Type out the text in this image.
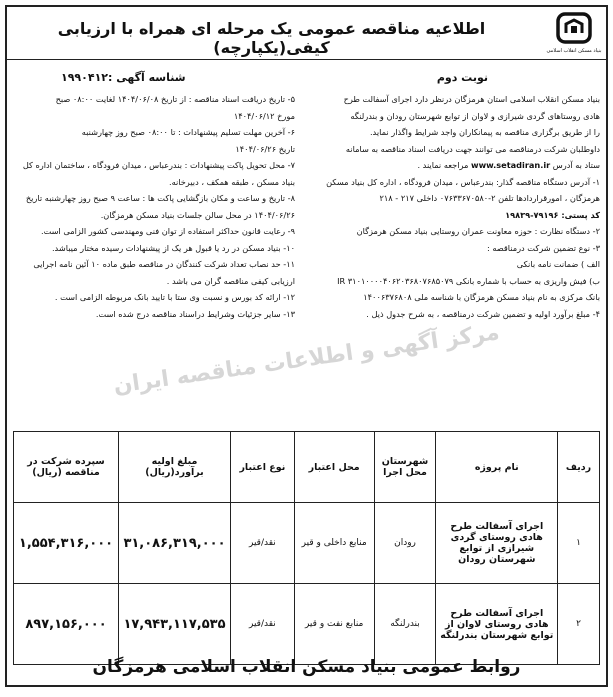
بنیاد مسکن انقلاب اسلامی
اطلاعیه مناقصه عمومی یک مرحله ای همراه با ارزیابی کیفی(یکپارچه)
نوبت دوم
شناسه آگهی :۱۹۹۰۴۱۲
بنیاد مسکن انقلاب اسلامی استان هرمزگان درنظر دارد اجرای آسفالت طرح
هادی روستاهای گردی شیرازی و لاوان از توابع شهرستان رودان و بندرلنگه
را از طریق برگزاری مناقصه به پیمانکاران واجد شرایط واگذار نماید.
داوطلبان شرکت درمناقصه می توانند جهت دریافت اسناد مناقصه به سامانه
ستاد به آدرس www.setadiran.ir مراجعه نمایند .
۱- آدرس دستگاه مناقصه گذار: بندرعباس ، میدان فرودگاه ، اداره کل بنیاد مسکن
هرمزگان ، امورقراردادها تلفن ۲-۰۷۶۳۳۶۷۰۵۸۰ داخلی ۲۱۷ - ۲۱۸
کد پستی: ۷۹۱۹۶-۱۹۸۳۹
۲- دستگاه نظارت : حوزه معاونت عمران روستایی بنیاد مسکن هرمزگان
۳- نوع تضمین شرکت درمناقصه :
الف ) ضمانت نامه بانکی
ب) فیش واریزی به حساب با شماره بانکی IR ۳۱۰۱۰۰۰۰۴۰۶۲۰۳۶۸۰۷۶۸۵۰۷۹
بانک مرکزی به نام بنیاد مسکن هرمزگان با شناسه ملی ۱۴۰۰۶۳۷۶۸۰۸
۴- مبلغ برآورد اولیه و تضمین شرکت درمناقصه ، به شرح جدول ذیل .
۵- تاریخ دریافت اسناد مناقصه : از تاریخ ۱۴۰۴/۰۶/۰۸ لغایت ۰۸:۰۰ صبح
مورخ ۱۴۰۴/۰۶/۱۲
۶- آخرین مهلت تسلیم پیشنهادات : تا ۰۸:۰۰ صبح روز چهارشنبه
تاریخ ۱۴۰۴/۰۶/۲۶
۷- محل تحویل پاکت پیشنهادات : بندرعباس ، میدان فرودگاه ، ساختمان اداره کل
بنیاد مسکن ، طبقه همکف ، دبیرخانه.
۸- تاریخ و ساعت و مکان بازگشایی پاکت ها : ساعت ۹ صبح روز چهارشنبه تاریخ
۱۴۰۴/۰۶/۲۶ در محل سالن جلسات بنیاد مسکن هرمزگان.
۹- رعایت قانون حداکثر استفاده از توان فنی ومهندسی کشور الزامی است.
۱۰- بنیاد مسکن در رد یا قبول هر یک از پیشنهادات رسیده مختار میباشد.
۱۱- حد نصاب تعداد شرکت کنندگان در مناقصه طبق ماده ۱۰ آئین نامه اجرایی
ارزیابی کیفی مناقصه گران می باشد .
۱۲- ارائه کد بورس و نسبت وی ستا با تایید بانک مربوطه الزامی است .
۱۳- سایر جزئیات وشرایط دراسناد مناقصه درج شده است.
مرکز آگهی و اطلاعات مناقصه ایران
ردیف	نام پروژه	شهرستان محل اجرا	محل اعتبار	نوع اعتبار	مبلغ اولیه برآورد(ریال)	سپرده شرکت در مناقصه (ریال)
۱	اجرای آسفالت طرح هادی روستای گردی شیرازی از توابع شهرستان رودان	رودان	منابع داخلی و قیر	نقد/قیر	۳۱,۰۸۶,۳۱۹,۰۰۰	۱,۵۵۴,۳۱۶,۰۰۰
۲	اجرای آسفالت طرح هادی روستای لاوان از توابع شهرستان بندرلنگه	بندرلنگه	منابع نفت و قیر	نقد/قیر	۱۷,۹۴۳,۱۱۷,۵۳۵	۸۹۷,۱۵۶,۰۰۰
روابط عمومی بنیاد مسکن انقلاب اسلامی هرمزگان
